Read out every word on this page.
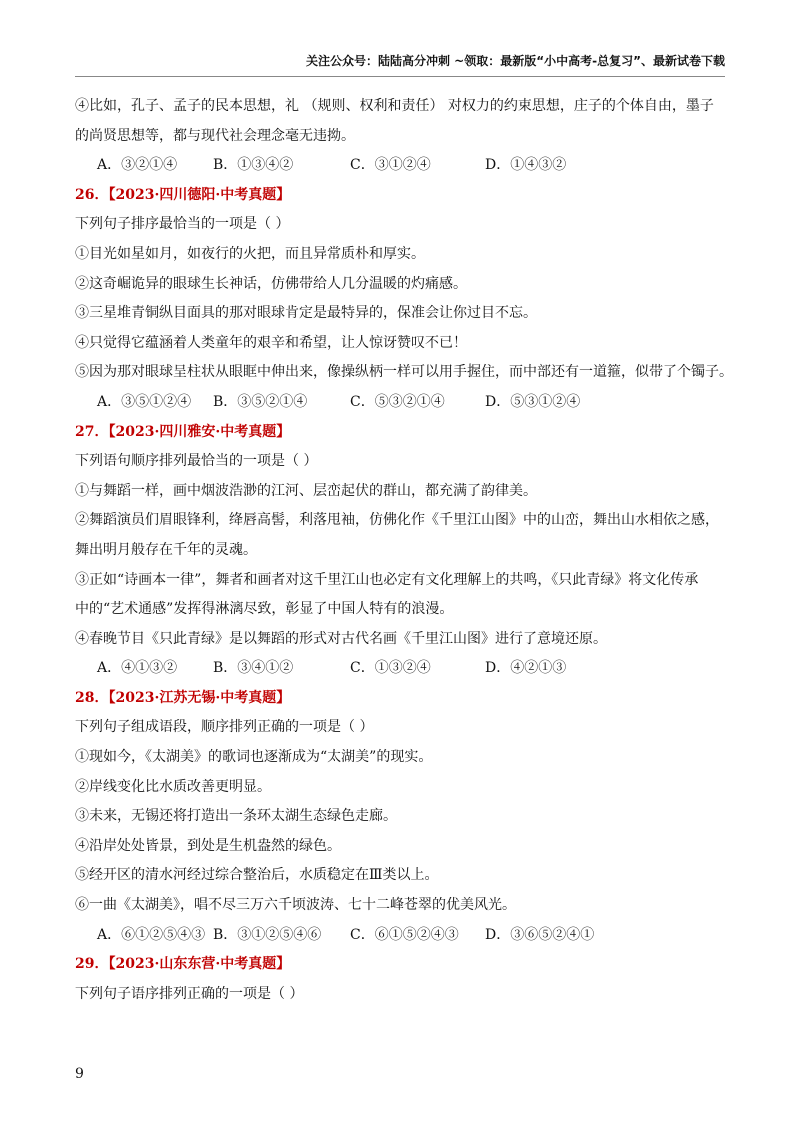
关注公众号：陆陆高分冲刺 ~领取：最新版“小中高考-总复习”、最新试卷下载
④比如，孔子、孟子的民本思想，礼 （规则、权利和责任） 对权力的约束思想，庄子的个体自由，墨子
的尚贤思想等，都与现代社会理念毫无违拗。
A．③②①④	B．①③④②	C．③①②④	D．①④③②
26．【2023·四川德阳·中考真题】
下列句子排序最恰当的一项是（ ）
①目光如星如月，如夜行的火把，而且异常质朴和厚实。
②这奇崛诡异的眼球生长神话，仿佛带给人几分温暖的灼痛感。
③三星堆青铜纵目面具的那对眼球肯定是最特异的，保准会让你过目不忘。
④只觉得它蕴涵着人类童年的艰辛和希望，让人惊讶赞叹不已！
⑤因为那对眼球呈柱状从眼眶中伸出来，像操纵柄一样可以用手握住，而中部还有一道箍，似带了个镯子。
A．③⑤①②④	B．③⑤②①④	C．⑤③②①④	D．⑤③①②④
27．【2023·四川雅安·中考真题】
下列语句顺序排列最恰当的一项是（ ）
①与舞蹈一样，画中烟波浩渺的江河、层峦起伏的群山，都充满了韵律美。
②舞蹈演员们眉眼锋利，绛唇高髻，利落甩袖，仿佛化作《千里江山图》中的山峦，舞出山水相依之感，
舞出明月般存在千年的灵魂。
③正如“诗画本一律”，舞者和画者对这千里江山也必定有文化理解上的共鸣，《只此青绿》将文化传承
中的“艺术通感”发挥得淋漓尽致，彰显了中国人特有的浪漫。
④春晚节目《只此青绿》是以舞蹈的形式对古代名画《千里江山图》进行了意境还原。
A．④①③②	B．③④①②	C．①③②④	D．④②①③
28．【2023·江苏无锡·中考真题】
下列句子组成语段，顺序排列正确的一项是（ ）
①现如今，《太湖美》的歌词也逐渐成为“太湖美”的现实。
②岸线变化比水质改善更明显。
③未来，无锡还将打造出一条环太湖生态绿色走廊。
④沿岸处处皆景，到处是生机盎然的绿色。
⑤经开区的清水河经过综合整治后，水质稳定在Ⅲ类以上。
⑥一曲《太湖美》，唱不尽三万六千顷波涛、七十二峰苍翠的优美风光。
A．⑥①②⑤④③ B．③①②⑤④⑥	C．⑥①⑤②④③	D．③⑥⑤②④①
29．【2023·山东东营·中考真题】
下列句子语序排列正确的一项是（ ）
9
